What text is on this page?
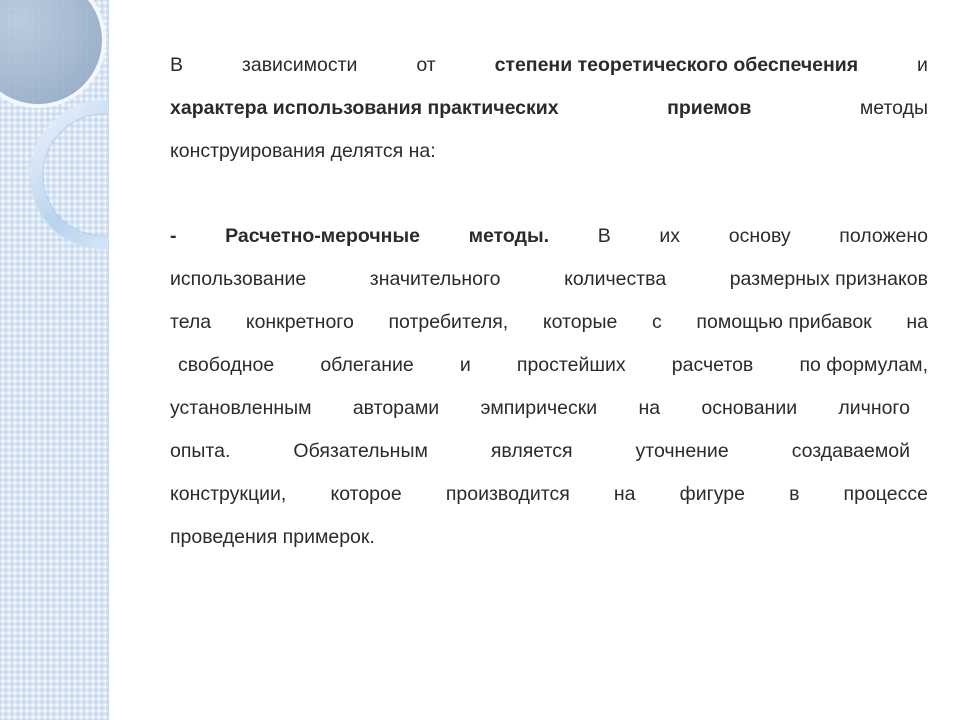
В	зависимости	от	степени теоретического обеспечения	и
характера использования практических	приемов	методы
конструирования делятся на:
- Расчетно-мерочные методы. В их основу положено
использование	значительного	количества	размерных признаков
тела конкретного потребителя, которые с помощью прибавок на
свободное облегание и простейших расчетов по формулам,
установленным авторами эмпирически на основании личного
опыта.	Обязательным	является	уточнение	создаваемой
конструкции, которое производится на фигуре в процессе
проведения примерок.
